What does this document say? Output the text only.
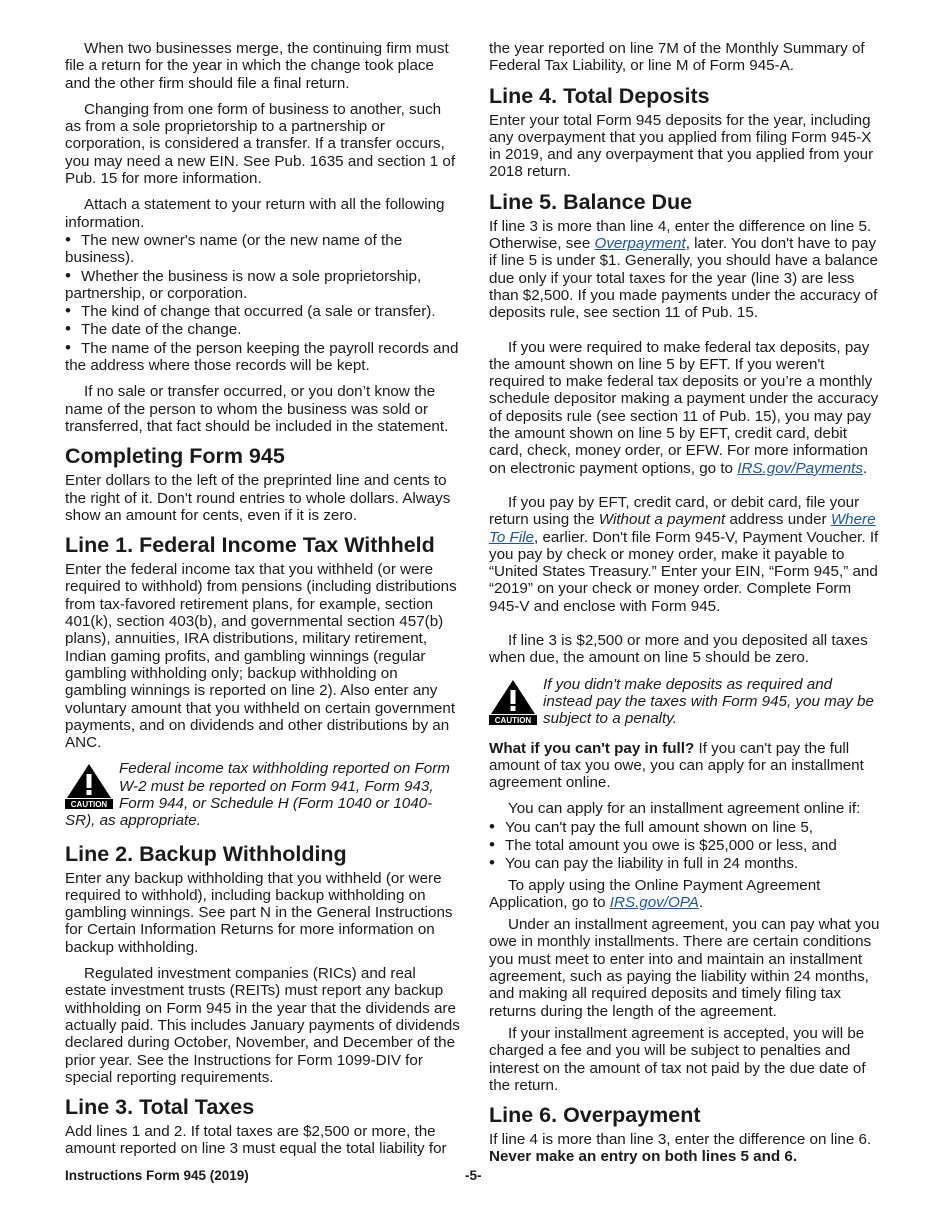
When two businesses merge, the continuing firm must file a return for the year in which the change took place and the other firm should file a final return.

Changing from one form of business to another, such as from a sole proprietorship to a partnership or corporation, is considered a transfer. If a transfer occurs, you may need a new EIN. See Pub. 1635 and section 1 of Pub. 15 for more information.

Attach a statement to your return with all the following information.

• The new owner's name (or the new name of the business).
• Whether the business is now a sole proprietorship, partnership, or corporation.
• The kind of change that occurred (a sale or transfer).
• The date of the change.
• The name of the person keeping the payroll records and the address where those records will be kept.

If no sale or transfer occurred, or you don’t know the name of the person to whom the business was sold or transferred, that fact should be included in the statement.

Completing Form 945

Enter dollars to the left of the preprinted line and cents to the right of it. Don't round entries to whole dollars. Always show an amount for cents, even if it is zero.

Line 1. Federal Income Tax Withheld

Enter the federal income tax that you withheld (or were required to withhold) from pensions (including distributions from tax-favored retirement plans, for example, section 401(k), section 403(b), and governmental section 457(b) plans), annuities, IRA distributions, military retirement, Indian gaming profits, and gambling winnings (regular gambling withholding only; backup withholding on gambling winnings is reported on line 2). Also enter any voluntary amount that you withheld on certain government payments, and on dividends and other distributions by an ANC.

CAUTION
Federal income tax withholding reported on Form W-2 must be reported on Form 941, Form 943, Form 944, or Schedule H (Form 1040 or 1040-SR), as appropriate.
Line 2. Backup Withholding

Enter any backup withholding that you withheld (or were required to withhold), including backup withholding on gambling winnings. See part N in the General Instructions for Certain Information Returns for more information on backup withholding.

Regulated investment companies (RICs) and real estate investment trusts (REITs) must report any backup withholding on Form 945 in the year that the dividends are actually paid. This includes January payments of dividends declared during October, November, and December of the prior year. See the Instructions for Form 1099-DIV for special reporting requirements.

Line 3. Total Taxes

Add lines 1 and 2. If total taxes are $2,500 or more, the amount reported on line 3 must equal the total liability for

the year reported on line 7M of the Monthly Summary of Federal Tax Liability, or line M of Form 945-A.

Line 4. Total Deposits

Enter your total Form 945 deposits for the year, including any overpayment that you applied from filing Form 945-X in 2019, and any overpayment that you applied from your 2018 return.

Line 5. Balance Due

If line 3 is more than line 4, enter the difference on line 5. Otherwise, see Overpayment, later. You don't have to pay if line 5 is under $1. Generally, you should have a balance due only if your total taxes for the year (line 3) are less than $2,500. If you made payments under the accuracy of deposits rule, see section 11 of Pub. 15.

If you were required to make federal tax deposits, pay the amount shown on line 5 by EFT. If you weren't required to make federal tax deposits or you’re a monthly schedule depositor making a payment under the accuracy of deposits rule (see section 11 of Pub. 15), you may pay the amount shown on line 5 by EFT, credit card, debit card, check, money order, or EFW. For more information on electronic payment options, go to IRS.gov/Payments.

If you pay by EFT, credit card, or debit card, file your return using the Without a payment address under Where To File, earlier. Don't file Form 945-V, Payment Voucher. If you pay by check or money order, make it payable to “United States Treasury.” Enter your EIN, “Form 945,” and “2019” on your check or money order. Complete Form 945-V and enclose with Form 945.

If line 3 is $2,500 or more and you deposited all taxes when due, the amount on line 5 should be zero.

CAUTION
If you didn't make deposits as required and instead pay the taxes with Form 945, you may be subject to a penalty.

What if you can't pay in full? If you can't pay the full amount of tax you owe, you can apply for an installment agreement online.

You can apply for an installment agreement online if:

• You can't pay the full amount shown on line 5,
• The total amount you owe is $25,000 or less, and
• You can pay the liability in full in 24 months.

To apply using the Online Payment Agreement Application, go to IRS.gov/OPA.

Under an installment agreement, you can pay what you owe in monthly installments. There are certain conditions you must meet to enter into and maintain an installment agreement, such as paying the liability within 24 months, and making all required deposits and timely filing tax returns during the length of the agreement.

If your installment agreement is accepted, you will be charged a fee and you will be subject to penalties and interest on the amount of tax not paid by the due date of the return.

Line 6. Overpayment

If line 4 is more than line 3, enter the difference on line 6. Never make an entry on both lines 5 and 6.

Instructions Form 945 (2019)	-5-
